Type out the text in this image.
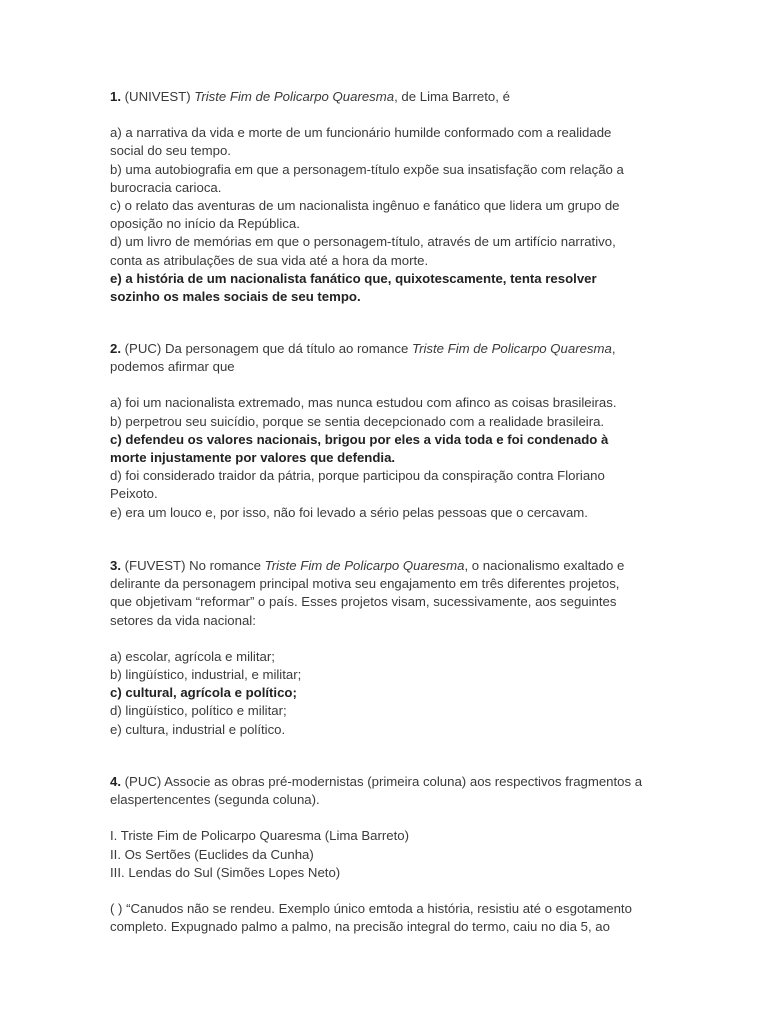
1. (UNIVEST) Triste Fim de Policarpo Quaresma, de Lima Barreto, é

a) a narrativa da vida e morte de um funcionário humilde conformado com a realidade
social do seu tempo.

b) uma autobiografia em que a personagem-título expõe sua insatisfação com relação a
burocracia carioca.

c) o relato das aventuras de um nacionalista ingênuo e fanático que lidera um grupo de
oposição no início da República.

d) um livro de memórias em que o personagem-título, através de um artifício narrativo,
conta as atribulações de sua vida até a hora da morte.

e) a história de um nacionalista fanático que, quixotescamente, tenta resolver
sozinho os males sociais de seu tempo.

2. (PUC) Da personagem que dá título ao romance Triste Fim de Policarpo Quaresma,
podemos afirmar que

a) foi um nacionalista extremado, mas nunca estudou com afinco as coisas brasileiras.

b) perpetrou seu suicídio, porque se sentia decepcionado com a realidade brasileira.

c) defendeu os valores nacionais, brigou por eles a vida toda e foi condenado à
morte injustamente por valores que defendia.

d) foi considerado traidor da pátria, porque participou da conspiração contra Floriano
Peixoto.

e) era um louco e, por isso, não foi levado a sério pelas pessoas que o cercavam.

3. (FUVEST) No romance Triste Fim de Policarpo Quaresma, o nacionalismo exaltado e
delirante da personagem principal motiva seu engajamento em três diferentes projetos,
que objetivam “reformar” o país. Esses projetos visam, sucessivamente, aos seguintes
setores da vida nacional:

a) escolar, agrícola e militar;

b) lingüístico, industrial, e militar;

c) cultural, agrícola e político;

d) lingüístico, político e militar;

e) cultura, industrial e político.

4. (PUC) Associe as obras pré-modernistas (primeira coluna) aos respectivos fragmentos a
elaspertencentes (segunda coluna).

I. Triste Fim de Policarpo Quaresma (Lima Barreto)

II. Os Sertões (Euclides da Cunha)

III. Lendas do Sul (Simões Lopes Neto)

( ) “Canudos não se rendeu. Exemplo único emtoda a história, resistiu até o esgotamento
completo. Expugnado palmo a palmo, na precisão integral do termo, caiu no dia 5, ao
